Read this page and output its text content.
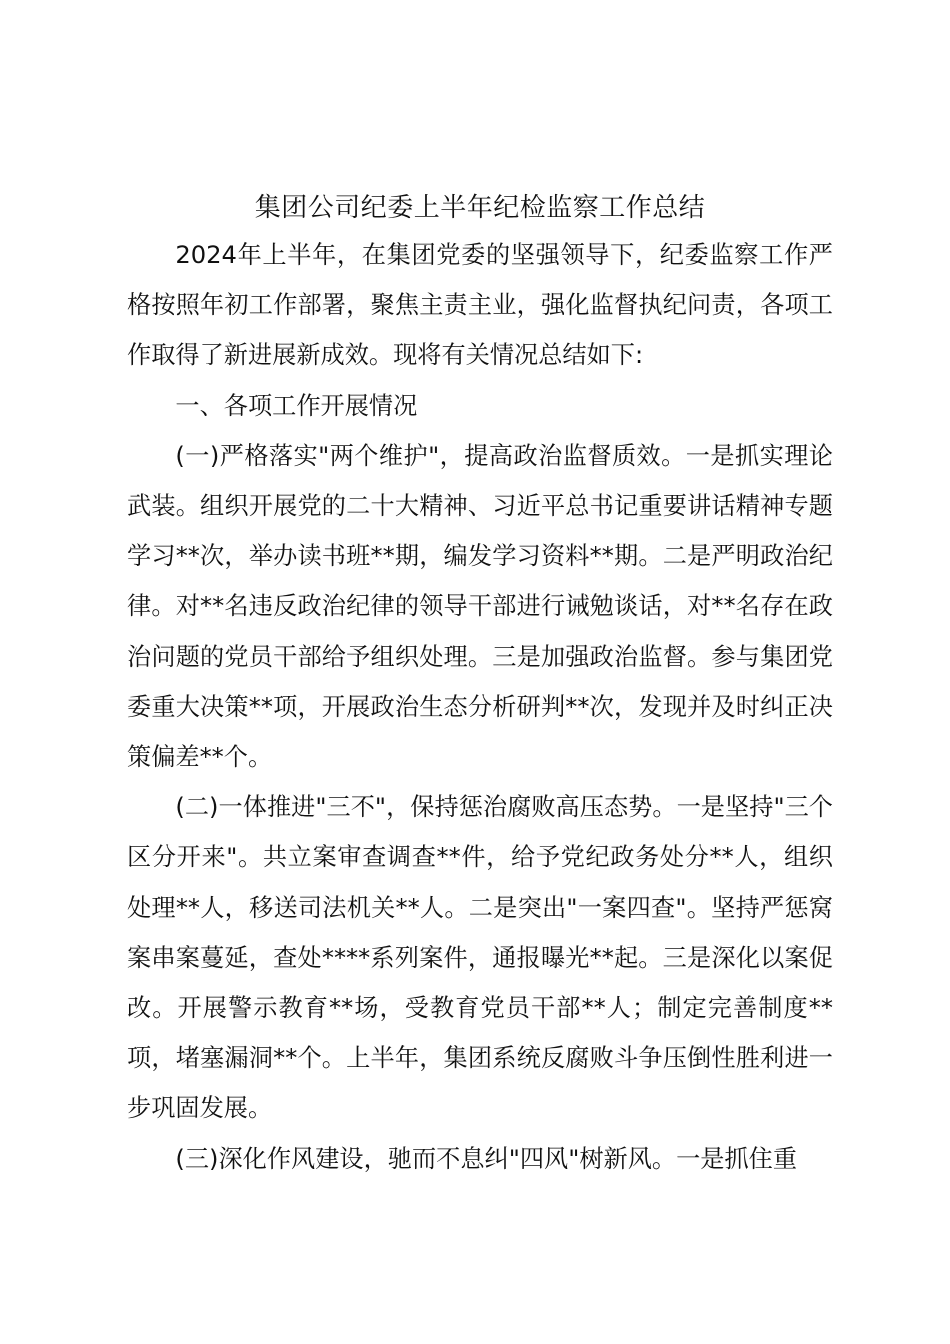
集团公司纪委上半年纪检监察工作总结

2024年上半年，在集团党委的坚强领导下，纪委监察工作严格按照年初工作部署，聚焦主责主业，强化监督执纪问责，各项工作取得了新进展新成效。现将有关情况总结如下:

一、各项工作开展情况

(一)严格落实"两个维护"，提高政治监督质效。一是抓实理论武装。组织开展党的二十大精神、习近平总书记重要讲话精神专题学习**次，举办读书班**期，编发学习资料**期。二是严明政治纪律。对**名违反政治纪律的领导干部进行诫勉谈话，对**名存在政治问题的党员干部给予组织处理。三是加强政治监督。参与集团党委重大决策**项，开展政治生态分析研判**次，发现并及时纠正决策偏差**个。

(二)一体推进"三不"，保持惩治腐败高压态势。一是坚持"三个区分开来"。共立案审查调查**件，给予党纪政务处分**人，组织处理**人，移送司法机关**人。二是突出"一案四查"。坚持严惩窝案串案蔓延，查处****系列案件，通报曝光**起。三是深化以案促改。开展警示教育**场，受教育党员干部**人；制定完善制度**项，堵塞漏洞**个。上半年，集团系统反腐败斗争压倒性胜利进一步巩固发展。

(三)深化作风建设，驰而不息纠"四风"树新风。一是抓住重
